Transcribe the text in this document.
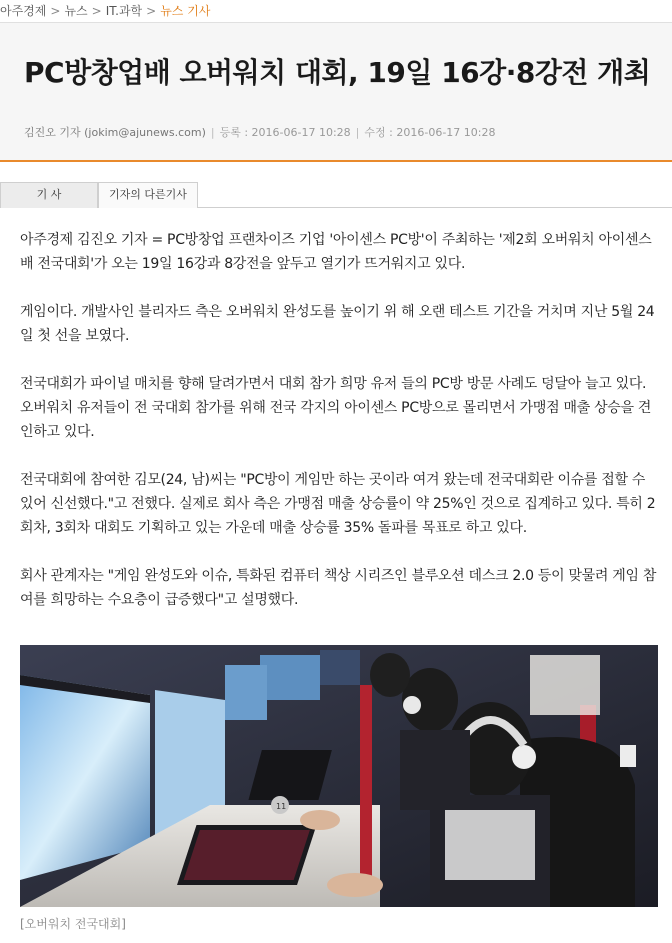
아주경제 > 뉴스 > IT.과학 > 뉴스 기사
PC방창업배 오버워치 대회, 19일 16강·8강전 개최
김진오 기자 (jokim@ajunews.com) | 등록 : 2016-06-17 10:28 | 수정 : 2016-06-17 10:28
기 사	기자의 다른기사

아주경제 김진오 기자 = PC방창업 프랜차이즈 기업 '아이센스 PC방'이 주최하는 '제2회 오버워치 아이센스배 전국대회'가 오는 19일 16강과 8강전을 앞두고 열기가 뜨거워지고 있다.

게임이다. 개발사인 블리자드 측은 오버워치 완성도를 높이기 위 해 오랜 테스트 기간을 거치며 지난 5월 24일 첫 선을 보였다.

전국대회가 파이널 매치를 향해 달려가면서 대회 참가 희망 유저 들의 PC방 방문 사례도 덩달아 늘고 있다. 오버워치 유저들이 전 국대회 참가를 위해 전국 각지의 아이센스 PC방으로 몰리면서 가맹점 매출 상승을 견인하고 있다.

전국대회에 참여한 김모(24, 남)씨는 "PC방이 게임만 하는 곳이라 여겨 왔는데 전국대회란 이슈를 접할 수 있어 신선했다."고 전했다. 실제로 회사 측은 가맹점 매출 상승률이 약 25%인 것으로 집계하고 있다. 특히 2회차, 3회차 대회도 기획하고 있는 가운데 매출 상승률 35% 돌파를 목표로 하고 있다.

회사 관계자는 "게임 완성도와 이슈, 특화된 컴퓨터 책상 시리즈인 블루오션 데스크 2.0 등이 맞물려 게임 참여를 희망하는 수요층이 급증했다"고 설명했다.

11
[오버워치 전국대회]
